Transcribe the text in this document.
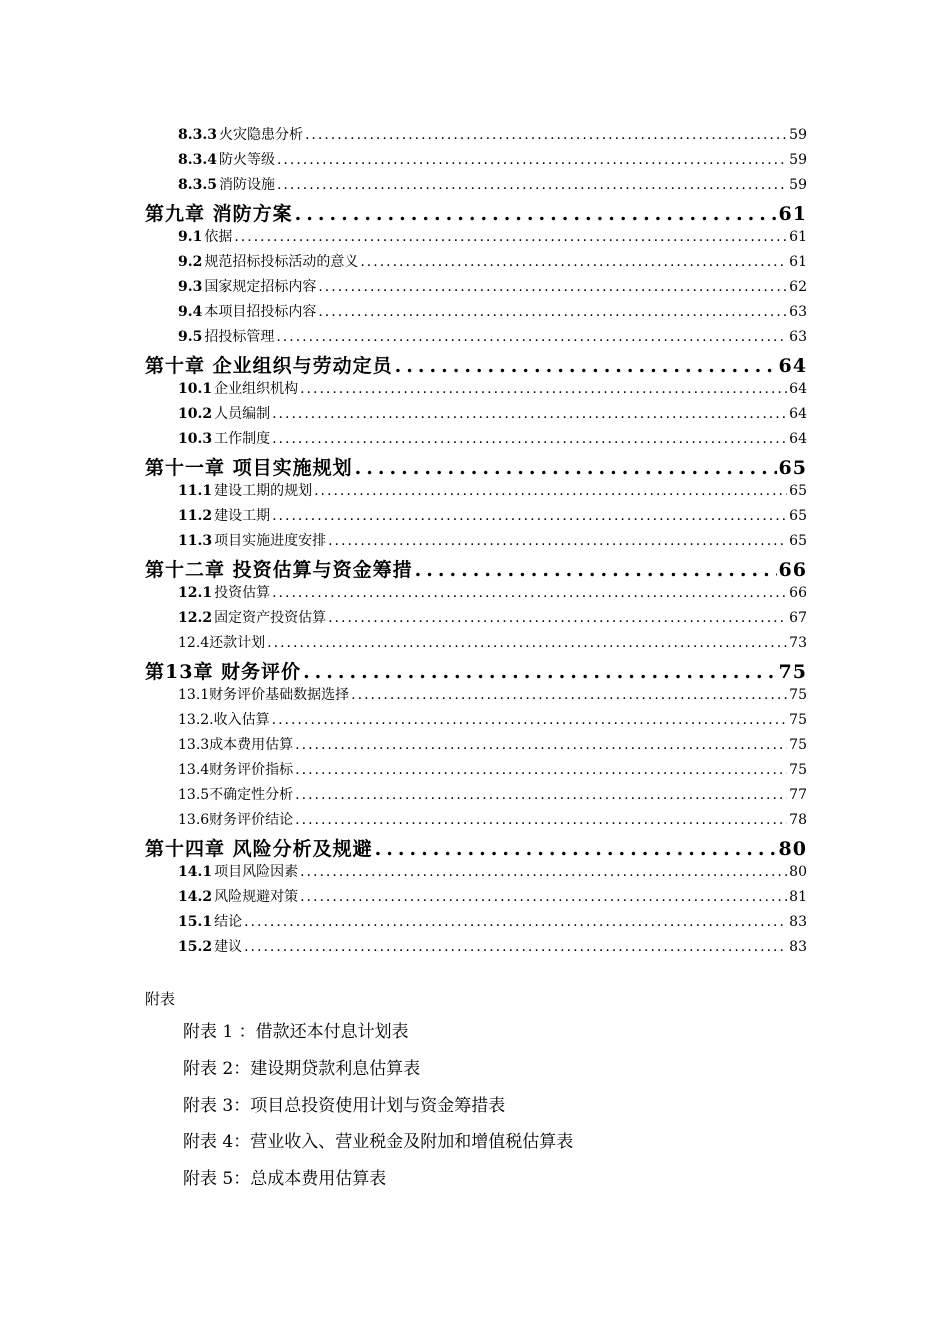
8.3.3 火灾隐患分析 .....	59
8.3.4 防火等级 .....	59
8.3.5 消防设施 .....	59
第九章 消防方案 .....	61
9.1 依据 .....	61
9.2 规范招标投标活动的意义 .....	61
9.3 国家规定招标内容 .....	62
9.4 本项目招投标内容 .....	63
9.5 招投标管理 .....	63
第十章 企业组织与劳动定员 .....	64
10.1 企业组织机构 .....	64
10.2 人员编制 .....	64
10.3 工作制度 .....	64
第十一章 项目实施规划 .....	65
11.1 建设工期的规划 .....	65
11.2 建设工期 .....	65
11.3 项目实施进度安排 .....	65
第十二章 投资估算与资金筹措 .....	66
12.1 投资估算 .....	66
12.2 固定资产投资估算 .....	67
12.4 还款计划 .....	73
第13章 财务评价 .....	75
13.1 财务评价基础数据选择 .....	75
13.2. 收入估算 .....	75
13.3 成本费用估算 .....	75
13.4 财务评价指标 .....	75
13.5 不确定性分析 .....	77
13.6 财务评价结论 .....	78
第十四章 风险分析及规避 .....	80
14.1 项目风险因素 .....	80
14.2 风险规避对策 .....	81
15.1 结论 .....	83
15.2 建议 .....	83
附表
附表 1 ：借款还本付息计划表
附表 2：建设期贷款利息估算表
附表 3：项目总投资使用计划与资金筹措表
附表 4：营业收入、营业税金及附加和增值税估算表
附表 5：总成本费用估算表
